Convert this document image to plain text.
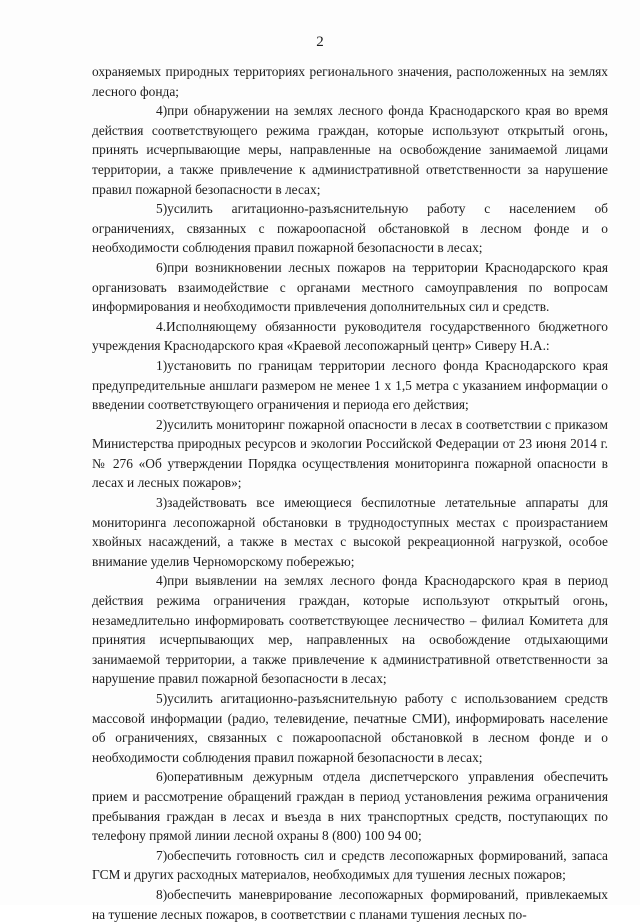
2

охраняемых природных территориях регионального значения, расположенных на землях лесного фонда;

4)при обнаружении на землях лесного фонда Краснодарского края во время действия соответствующего режима граждан, которые используют открытый огонь, принять исчерпывающие меры, направленные на освобождение занимаемой лицами территории, а также привлечение к административной ответственности за нарушение правил пожарной безопасности в лесах;

5)усилить агитационно-разъяснительную работу с населением об ограничениях, связанных с пожароопасной обстановкой в лесном фонде и о необходимости соблюдения правил пожарной безопасности в лесах;

6)при возникновении лесных пожаров на территории Краснодарского края организовать взаимодействие с органами местного самоуправления по вопросам информирования и необходимости привлечения дополнительных сил и средств.

4.Исполняющему обязанности руководителя государственного бюджетного учреждения Краснодарского края «Краевой лесопожарный центр» Сиверу Н.А.:

1)установить по границам территории лесного фонда Краснодарского края предупредительные аншлаги размером не менее 1 х 1,5 метра с указанием информации о введении соответствующего ограничения и периода его действия;

2)усилить мониторинг пожарной опасности в лесах в соответствии с приказом Министерства природных ресурсов и экологии Российской Федерации от 23 июня 2014 г. № 276 «Об утверждении Порядка осуществления мониторинга пожарной опасности в лесах и лесных пожаров»;

3)задействовать все имеющиеся беспилотные летательные аппараты для мониторинга лесопожарной обстановки в труднодоступных местах с произрастанием хвойных насаждений, а также в местах с высокой рекреационной нагрузкой, особое внимание уделив Черноморскому побережью;

4)при выявлении на землях лесного фонда Краснодарского края в период действия режима ограничения граждан, которые используют открытый огонь, незамедлительно информировать соответствующее лесничество – филиал Комитета для принятия исчерпывающих мер, направленных на освобождение отдыхающими занимаемой территории, а также привлечение к административной ответственности за нарушение правил пожарной безопасности в лесах;

5)усилить агитационно-разъяснительную работу с использованием средств массовой информации (радио, телевидение, печатные СМИ), информировать население об ограничениях, связанных с пожароопасной обстановкой в лесном фонде и о необходимости соблюдения правил пожарной безопасности в лесах;

6)оперативным дежурным отдела диспетчерского управления обеспечить прием и рассмотрение обращений граждан в период установления режима ограничения пребывания граждан в лесах и въезда в них транспортных средств, поступающих по телефону прямой линии лесной охраны 8 (800) 100 94 00;

7)обеспечить готовность сил и средств лесопожарных формирований, запаса ГСМ и других расходных материалов, необходимых для тушения лесных пожаров;

8)обеспечить маневрирование лесопожарных формирований, привлекаемых на тушение лесных пожаров, в соответствии с планами тушения лесных по-
